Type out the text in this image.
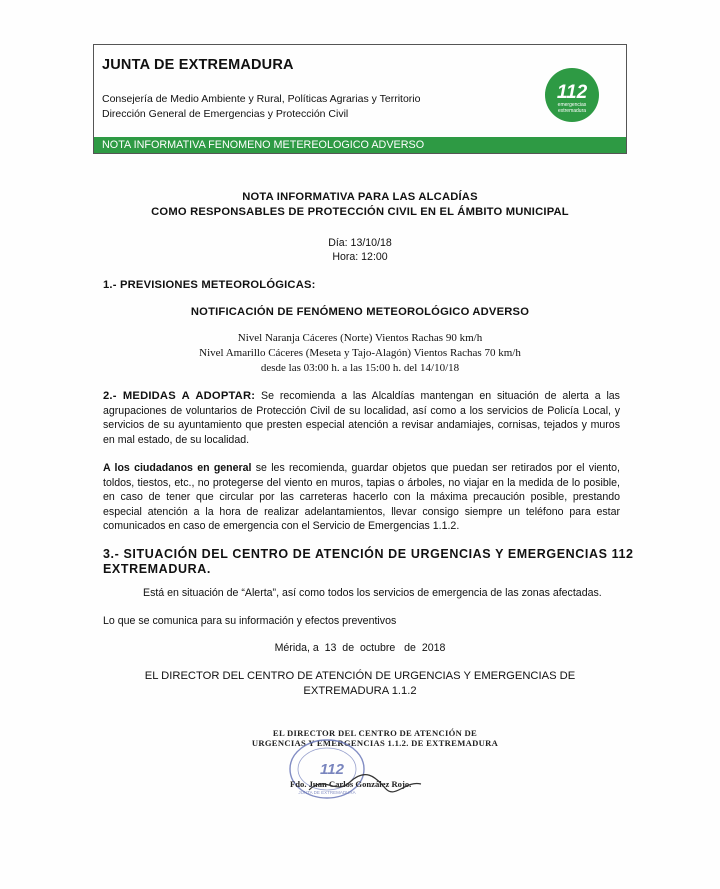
JUNTA DE EXTREMADURA
Consejería de Medio Ambiente y Rural, Políticas Agrarias y Territorio
Dirección General de Emergencias y Protección Civil
112
emergencias
extremadura
NOTA INFORMATIVA FENOMENO METEREOLOGICO ADVERSO
NOTA INFORMATIVA PARA LAS ALCADÍAS
COMO RESPONSABLES DE PROTECCIÓN CIVIL EN EL ÁMBITO MUNICIPAL
Día: 13/10/18
Hora: 12:00
1.- PREVISIONES METEOROLÓGICAS:
NOTIFICACIÓN DE FENÓMENO METEOROLÓGICO ADVERSO
Nivel Naranja Cáceres (Norte) Vientos Rachas 90 km/h
Nivel Amarillo Cáceres (Meseta y Tajo-Alagón) Vientos Rachas 70 km/h
desde las 03:00 h. a las 15:00 h. del 14/10/18
2.- MEDIDAS A ADOPTAR: Se recomienda a las Alcaldías mantengan en situación de alerta a las agrupaciones de voluntarios de Protección Civil de su localidad, así como a los servicios de Policía Local, y servicios de su ayuntamiento que presten especial atención a revisar andamiajes, cornisas, tejados y muros en mal estado, de su localidad.
A los ciudadanos en general se les recomienda, guardar objetos que puedan ser retirados por el viento, toldos, tiestos, etc., no protegerse del viento en muros, tapias o árboles, no viajar en la medida de lo posible, en caso de tener que circular por las carreteras hacerlo con la máxima precaución posible, prestando especial atención a la hora de realizar adelantamientos, llevar consigo siempre un teléfono para estar comunicados en caso de emergencia con el Servicio de Emergencias 1.1.2.
3.- SITUACIÓN DEL CENTRO DE ATENCIÓN DE URGENCIAS Y EMERGENCIAS 112
EXTREMADURA.
Está en situación de “Alerta”, así como todos los servicios de emergencia de las zonas afectadas.
Lo que se comunica para su información y efectos preventivos
Mérida, a  13  de  octubre   de  2018
EL DIRECTOR DEL CENTRO DE ATENCIÓN DE URGENCIAS Y EMERGENCIAS DE
EXTREMADURA 1.1.2
EL DIRECTOR DEL CENTRO DE ATENCIÓN DE
URGENCIAS Y EMERGENCIAS 1.1.2. DE EXTREMADURA
112
JUNTA DE EXTREMADURA
Fdo. Juan Carlos González Rojo.
